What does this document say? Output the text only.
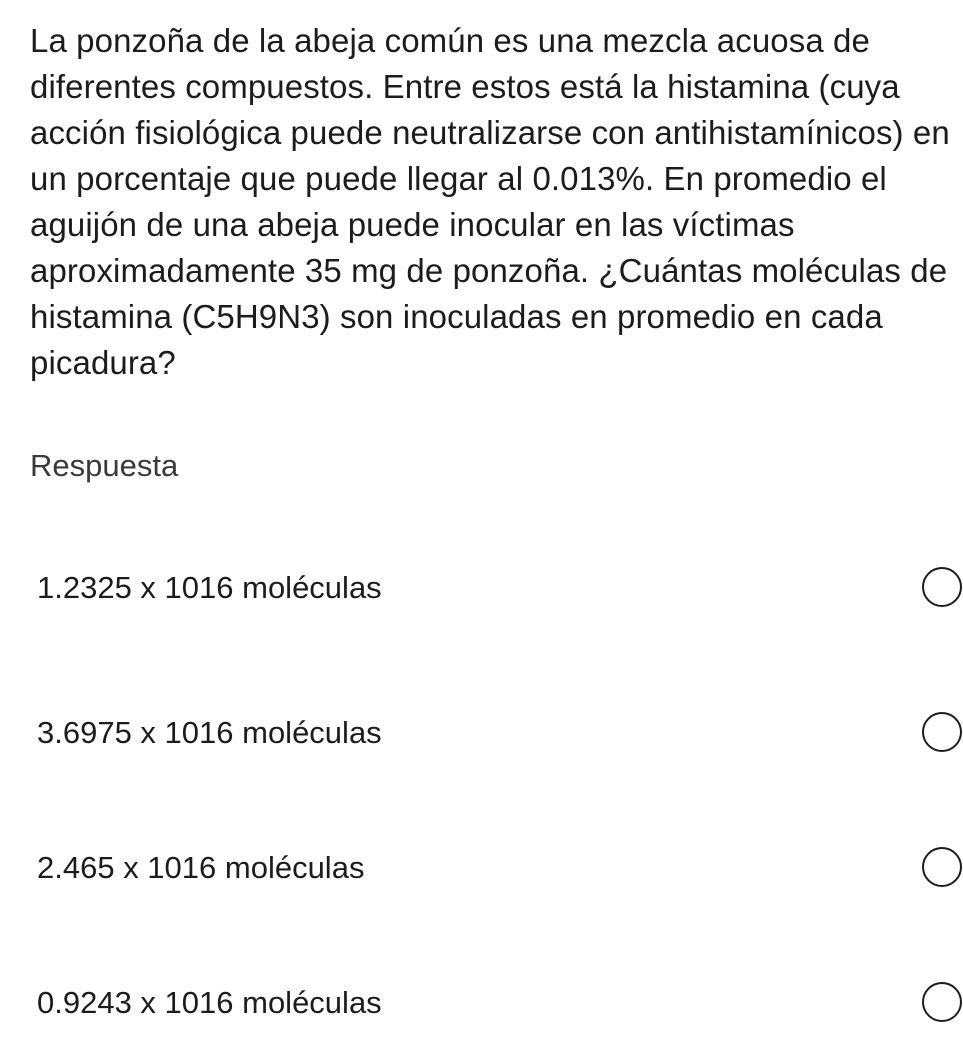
La ponzoña de la abeja común es una mezcla acuosa de diferentes compuestos. Entre estos está la histamina (cuya acción fisiológica puede neutralizarse con antihistamínicos) en un porcentaje que puede llegar al 0.013%. En promedio el aguijón de una abeja puede inocular en las víctimas aproximadamente 35 mg de ponzoña. ¿Cuántas moléculas de histamina (C5H9N3) son inoculadas en promedio en cada picadura?

Respuesta
1.2325 x 1016 moléculas
3.6975 x 1016 moléculas
2.465 x 1016 moléculas
0.9243 x 1016 moléculas
